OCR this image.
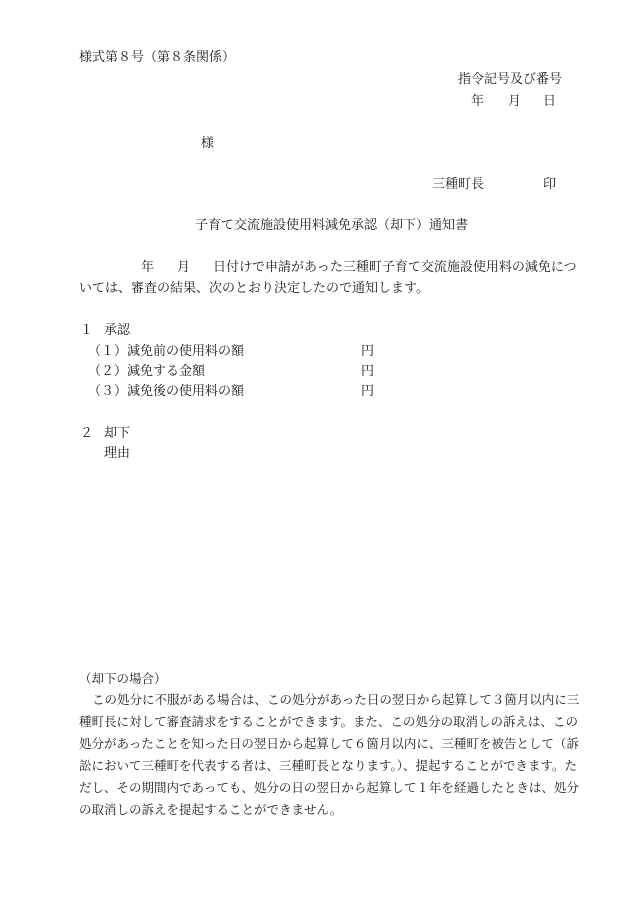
様式第８号（第８条関係）
指令記号及び番号
年 月 日
様
三種町長	印
子育て交流施設使用料減免承認（却下）通知書
年 月 日付けで申請があった三種町子育て交流施設使用料の減免につ
いては、審査の結果、次のとおり決定したので通知します。
１ 承認
（１）減免前の使用料の額	円
（２）減免する金額	円
（３）減免後の使用料の額	円
２ 却下
理由
（却下の場合）
この処分に不服がある場合は、この処分があった日の翌日から起算して３箇月以内に三
種町長に対して審査請求をすることができます。また、この処分の取消しの訴えは、この
処分があったことを知った日の翌日から起算して６箇月以内に、三種町を被告として（訴
訟において三種町を代表する者は、三種町長となります。）、提起することができます。た
だし、その期間内であっても、処分の日の翌日から起算して１年を経過したときは、処分
の取消しの訴えを提起することができません。
